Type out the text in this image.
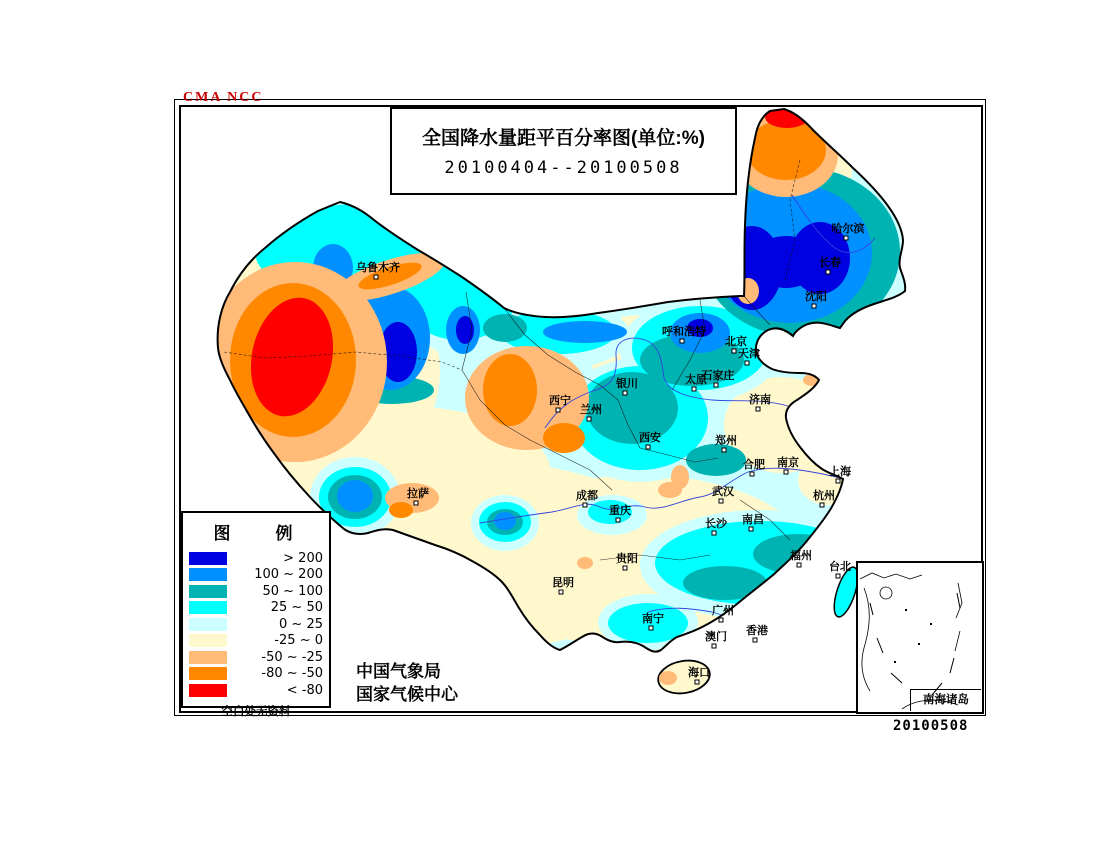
乌鲁木齐
哈尔滨
长春
沈阳
呼和浩特
北京
天津
太原
石家庄
济南
银川
西宁
兰州
西安	郑州
合肥 南京
上海
武汉	杭州
长沙 南昌
成都
重庆
贵阳
昆明
拉萨
福州
台北
广州
南宁
澳门 香港
海口
CMA NCC
全国降水量距平百分率图(单位:%)
20100404--20100508
图　例
> 200
100 ~ 200
50 ~ 100
25 ~ 50
0 ~ 25
-25 ~ 0
-50 ~ -25
-80 ~ -50
< -80
空白处无资料
中国气象局
国家气候中心	南海诸岛
20100508
